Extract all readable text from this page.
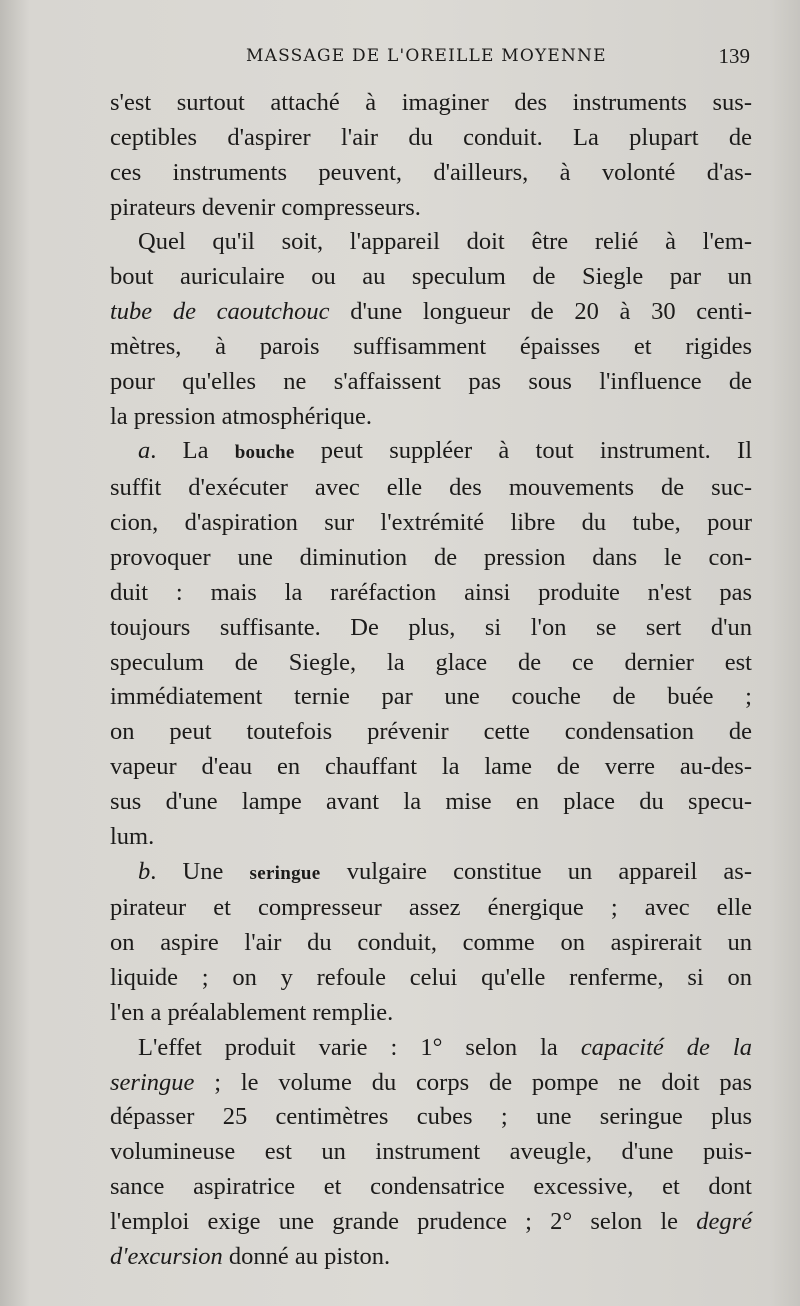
MASSAGE DE L'OREILLE MOYENNE	139

s'est surtout attaché à imaginer des instruments sus-
ceptibles d'aspirer l'air du conduit. La plupart de
ces instruments peuvent, d'ailleurs, à volonté d'as-
pirateurs devenir compresseurs.

Quel qu'il soit, l'appareil doit être relié à l'em-
bout auriculaire ou au speculum de Siegle par un
tube de caoutchouc d'une longueur de 20 à 30 centi-
mètres, à parois suffisamment épaisses et rigides
pour qu'elles ne s'affaissent pas sous l'influence de
la pression atmosphérique.

a. La bouche peut suppléer à tout instrument. Il
suffit d'exécuter avec elle des mouvements de suc-
cion, d'aspiration sur l'extrémité libre du tube, pour
provoquer une diminution de pression dans le con-
duit : mais la raréfaction ainsi produite n'est pas
toujours suffisante. De plus, si l'on se sert d'un
speculum de Siegle, la glace de ce dernier est
immédiatement ternie par une couche de buée ;
on peut toutefois prévenir cette condensation de
vapeur d'eau en chauffant la lame de verre au-des-
sus d'une lampe avant la mise en place du specu-
lum.

b. Une seringue vulgaire constitue un appareil as-
pirateur et compresseur assez énergique ; avec elle
on aspire l'air du conduit, comme on aspirerait un
liquide ; on y refoule celui qu'elle renferme, si on
l'en a préalablement remplie.

L'effet produit varie : 1° selon la capacité de la
seringue ; le volume du corps de pompe ne doit pas
dépasser 25 centimètres cubes ; une seringue plus
volumineuse est un instrument aveugle, d'une puis-
sance aspiratrice et condensatrice excessive, et dont
l'emploi exige une grande prudence ; 2° selon le degré
d'excursion donné au piston.
